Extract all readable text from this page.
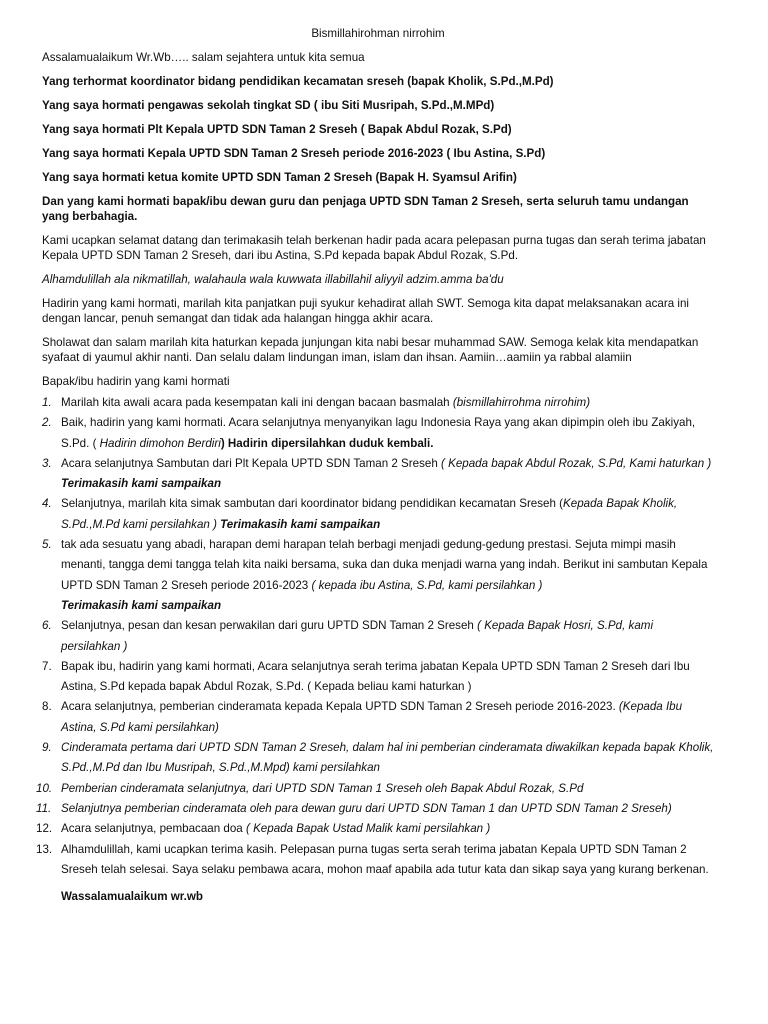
Bismillahirohman nirrohim
Assalamualaikum Wr.Wb….. salam sejahtera untuk kita semua
Yang terhormat koordinator bidang pendidikan kecamatan sreseh (bapak Kholik, S.Pd.,M.Pd)
Yang saya hormati pengawas sekolah tingkat SD ( ibu Siti Musripah, S.Pd.,M.MPd)
Yang saya hormati Plt Kepala UPTD SDN Taman 2 Sreseh ( Bapak Abdul Rozak, S.Pd)
Yang saya hormati Kepala UPTD SDN Taman 2 Sreseh periode 2016-2023 ( Ibu Astina, S.Pd)
Yang saya hormati ketua komite UPTD SDN Taman 2 Sreseh (Bapak H. Syamsul Arifin)
Dan yang kami hormati bapak/ibu dewan guru dan penjaga UPTD SDN Taman 2 Sreseh, serta seluruh tamu undangan yang berbahagia.
Kami ucapkan selamat datang dan terimakasih telah berkenan hadir pada acara pelepasan purna tugas dan serah terima jabatan Kepala UPTD SDN Taman 2 Sreseh, dari ibu Astina, S.Pd kepada bapak Abdul Rozak, S.Pd.
Alhamdulillah ala nikmatillah, walahaula wala kuwwata illabillahil aliyyil adzim.amma ba'du
Hadirin yang kami hormati, marilah kita panjatkan puji syukur kehadirat allah SWT. Semoga kita dapat melaksanakan acara ini dengan lancar, penuh semangat dan tidak ada halangan hingga akhir acara.
Sholawat dan salam marilah kita haturkan kepada junjungan kita nabi besar muhammad SAW. Semoga kelak kita mendapatkan syafaat di yaumul akhir nanti. Dan selalu dalam lindungan iman, islam dan ihsan. Aamiin…aamiin ya rabbal alamiin
Bapak/ibu hadirin yang kami hormati
1. Marilah kita awali acara pada kesempatan kali ini dengan bacaan basmalah (bismillahirrohma nirrohim)
2. Baik, hadirin yang kami hormati. Acara selanjutnya menyanyikan lagu Indonesia Raya yang akan dipimpin oleh ibu Zakiyah, S.Pd. ( Hadirin dimohon Berdiri) Hadirin dipersilahkan duduk kembali.
3. Acara selanjutnya Sambutan dari Plt Kepala UPTD SDN Taman 2 Sreseh ( Kepada bapak Abdul Rozak, S.Pd, Kami haturkan ) Terimakasih kami sampaikan
4. Selanjutnya, marilah kita simak sambutan dari koordinator bidang pendidikan kecamatan Sreseh (Kepada Bapak Kholik, S.Pd.,M.Pd kami persilahkan ) Terimakasih kami sampaikan
5. tak ada sesuatu yang abadi, harapan demi harapan telah berbagi menjadi gedung-gedung prestasi. Sejuta mimpi masih menanti, tangga demi tangga telah kita naiki bersama, suka dan duka menjadi warna yang indah. Berikut ini sambutan Kepala UPTD SDN Taman 2 Sreseh periode 2016-2023 ( kepada ibu Astina, S.Pd, kami persilahkan )
Terimakasih kami sampaikan
6. Selanjutnya, pesan dan kesan perwakilan dari guru UPTD SDN Taman 2 Sreseh ( Kepada Bapak Hosri, S.Pd, kami persilahkan )
7. Bapak ibu, hadirin yang kami hormati, Acara selanjutnya serah terima jabatan Kepala UPTD SDN Taman 2 Sreseh dari Ibu Astina, S.Pd kepada bapak Abdul Rozak, S.Pd. ( Kepada beliau kami haturkan )
8. Acara selanjutnya, pemberian cinderamata kepada Kepala UPTD SDN Taman 2 Sreseh periode 2016-2023. (Kepada Ibu Astina, S.Pd kami persilahkan)
9. Cinderamata pertama dari UPTD SDN Taman 2 Sreseh, dalam hal ini pemberian cinderamata diwakilkan kepada bapak Kholik, S.Pd.,M.Pd dan Ibu Musripah, S.Pd.,M.Mpd) kami persilahkan
10. Pemberian cinderamata selanjutnya, dari UPTD SDN Taman 1 Sreseh oleh Bapak Abdul Rozak, S.Pd
11. Selanjutnya pemberian cinderamata oleh para dewan guru dari UPTD SDN Taman 1 dan UPTD SDN Taman 2 Sreseh)
12. Acara selanjutnya, pembacaan doa ( Kepada Bapak Ustad Malik kami persilahkan )
13. Alhamdulillah, kami ucapkan terima kasih. Pelepasan purna tugas serta serah terima jabatan Kepala UPTD SDN Taman 2 Sreseh telah selesai. Saya selaku pembawa acara, mohon maaf apabila ada tutur kata dan sikap saya yang kurang berkenan.
Wassalamualaikum wr.wb
